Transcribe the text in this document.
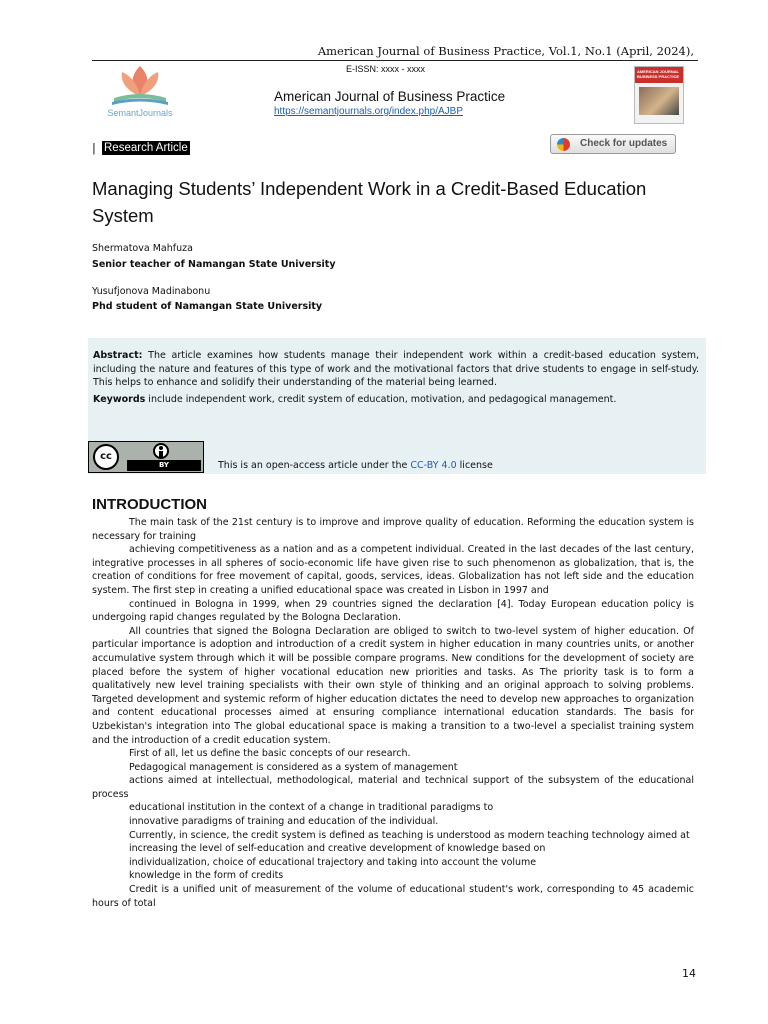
American Journal of Business Practice, Vol.1, No.1 (April, 2024),
SemantJournals
E-ISSN: xxxx - xxxx
American Journal of Business Practice
https://semantjournals.org/index.php/AJBP
AMERICAN JOURNAL BUSINESS PRACTICE
| Research Article	Check for updates
Managing Students’ Independent Work in a Credit-Based Education System
Shermatova Mahfuza
Senior teacher of Namangan State University
Yusufjonova Madinabonu
Phd student of Namangan State University
Abstract: The article examines how students manage their independent work within a credit-based education system, including the nature and features of this type of work and the motivational factors that drive students to engage in self-study. This helps to enhance and solidify their understanding of the material being learned.
Keywords include independent work, credit system of education, motivation, and pedagogical management.
cc
BY	This is an open-access article under the CC-BY 4.0 license
INTRODUCTION

The main task of the 21st century is to improve and improve quality of education. Reforming the education system is necessary for training

achieving competitiveness as a nation and as a competent individual. Created in the last decades of the last century, integrative processes in all spheres of socio-economic life have given rise to such phenomenon as globalization, that is, the creation of conditions for free movement of capital, goods, services, ideas. Globalization has not left side and the education system. The first step in creating a unified educational space was created in Lisbon in 1997 and

continued in Bologna in 1999, when 29 countries signed the declaration [4]. Today European education policy is undergoing rapid changes regulated by the Bologna Declaration.

All countries that signed the Bologna Declaration are obliged to switch to two-level system of higher education. Of particular importance is adoption and introduction of a credit system in higher education in many countries units, or another accumulative system through which it will be possible compare programs. New conditions for the development of society are placed before the system of higher vocational education new priorities and tasks. As The priority task is to form a qualitatively new level training specialists with their own style of thinking and an original approach to solving problems. Targeted development and systemic reform of higher education dictates the need to develop new approaches to organization and content educational processes aimed at ensuring compliance international education standards. The basis for Uzbekistan's integration into The global educational space is making a transition to a two-level a specialist training system and the introduction of a credit education system.

First of all, let us define the basic concepts of our research.

Pedagogical management is considered as a system of management

actions aimed at intellectual, methodological, material and technical support of the subsystem of the educational process

educational institution in the context of a change in traditional paradigms to

innovative paradigms of training and education of the individual.

Currently, in science, the credit system is defined as teaching is understood as modern teaching technology aimed at

increasing the level of self-education and creative development of knowledge based on

individualization, choice of educational trajectory and taking into account the volume

knowledge in the form of credits

Credit is a unified unit of measurement of the volume of educational student's work, corresponding to 45 academic hours of total

14
